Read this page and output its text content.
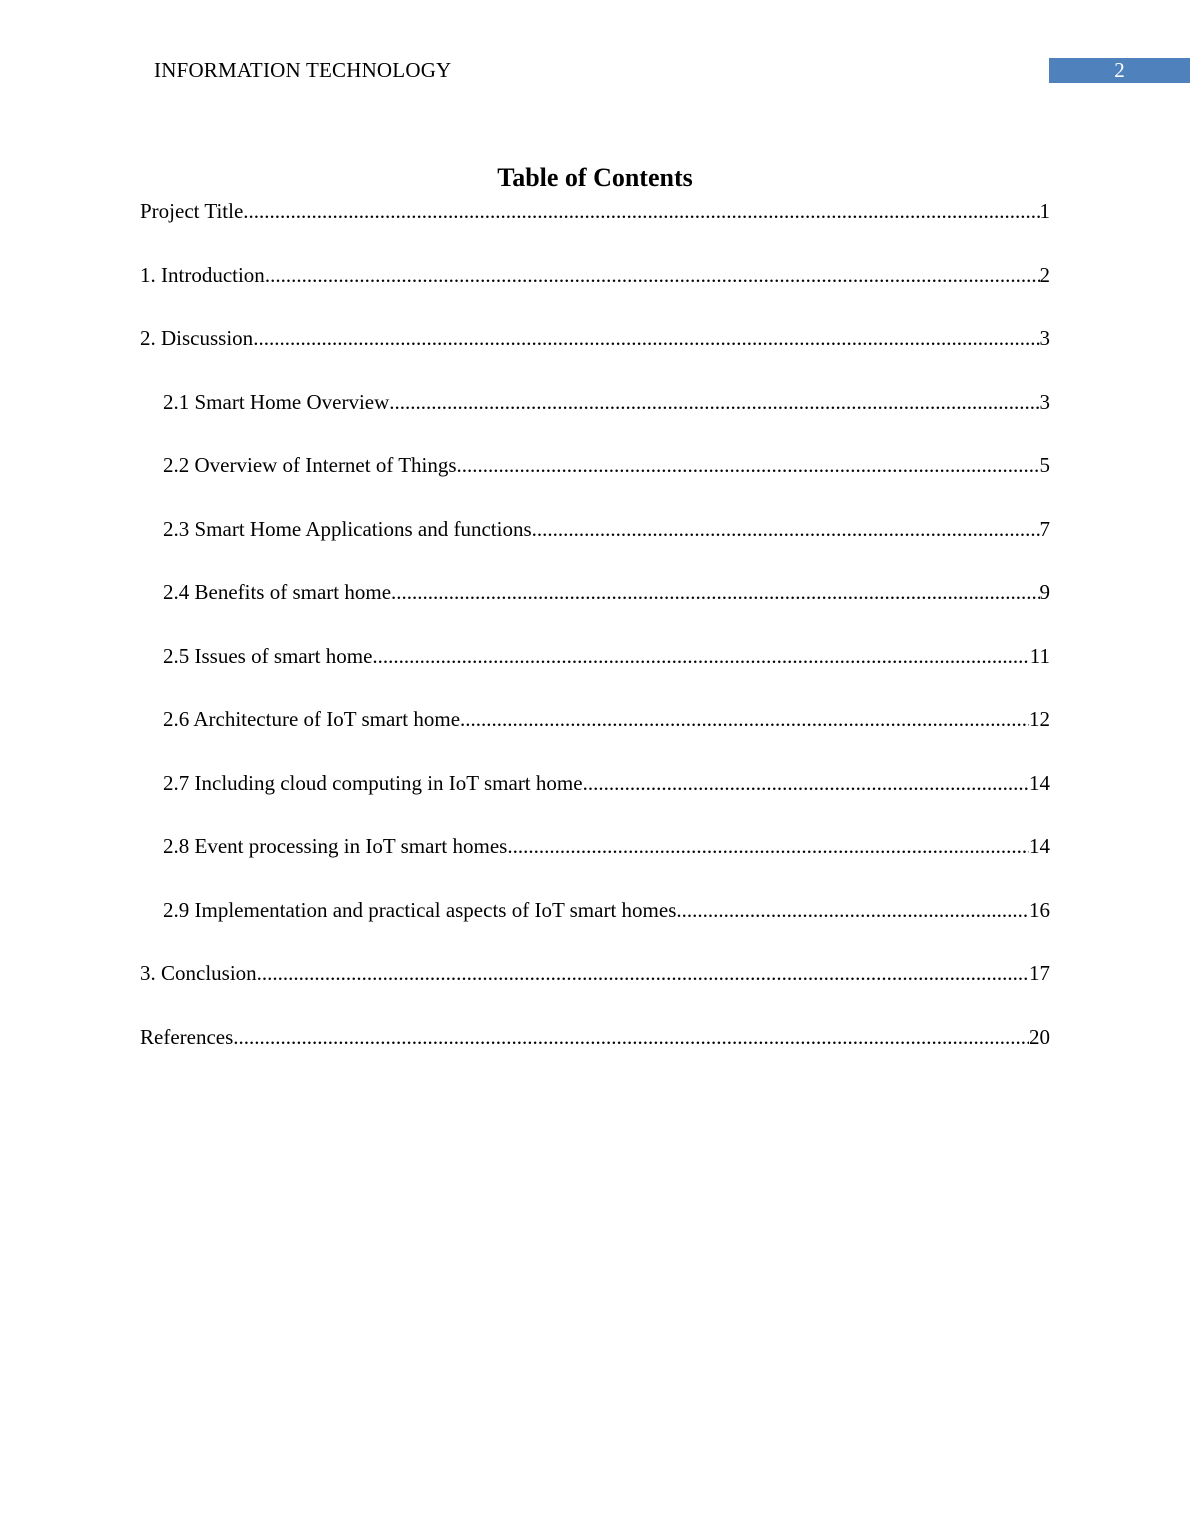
INFORMATION TECHNOLOGY	2
Table of Contents
Project Title .....	1
1. Introduction .....	2
2. Discussion .....	3
2.1 Smart Home Overview .....	3
2.2 Overview of Internet of Things .....	5
2.3 Smart Home Applications and functions .....	7
2.4 Benefits of smart home .....	9
2.5 Issues of smart home .....	11
2.6 Architecture of IoT smart home .....	12
2.7 Including cloud computing in IoT smart home .....	14
2.8 Event processing in IoT smart homes .....	14
2.9 Implementation and practical aspects of IoT smart homes .....	16
3. Conclusion .....	17
References .....	20
